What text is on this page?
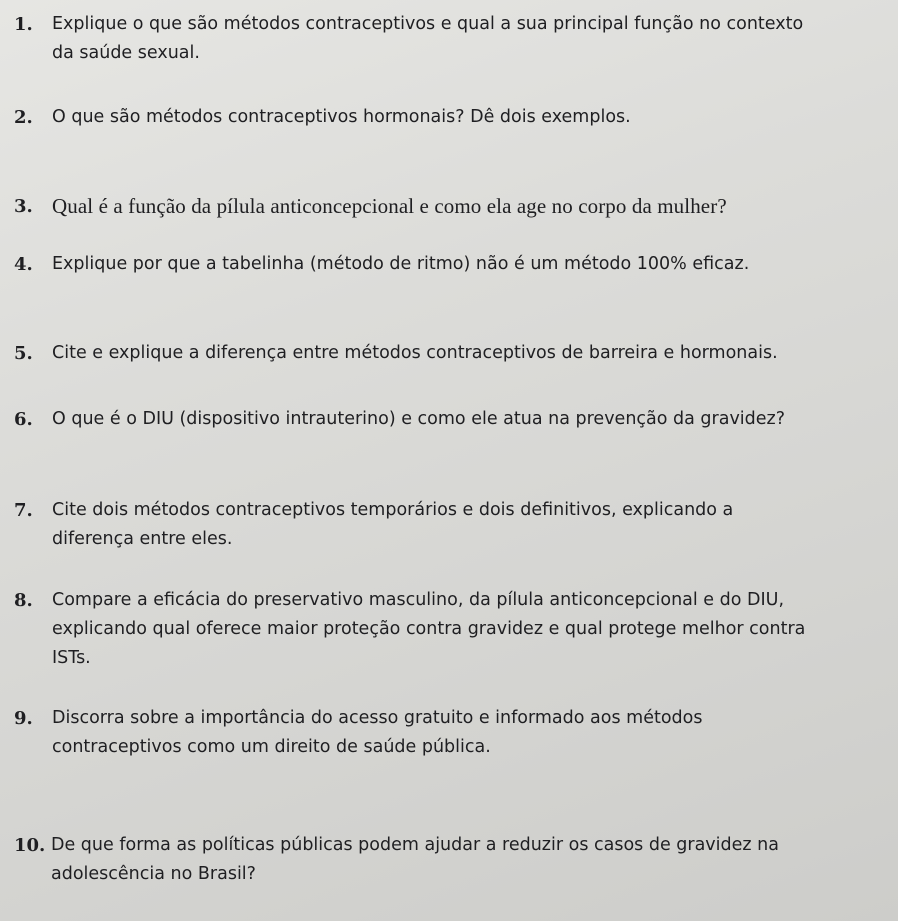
1.	Explique o que são métodos contraceptivos e qual a sua principal função no contexto
da saúde sexual.
2.	O que são métodos contraceptivos hormonais? Dê dois exemplos.
3. Qual é a função da pílula anticoncepcional e como ela age no corpo da mulher?
4.	Explique por que a tabelinha (método de ritmo) não é um método 100% eficaz.
5.	Cite e explique a diferença entre métodos contraceptivos de barreira e hormonais.
6.	O que é o DIU (dispositivo intrauterino) e como ele atua na prevenção da gravidez?
7.	Cite dois métodos contraceptivos temporários e dois definitivos, explicando a
diferença entre eles.
8.	Compare a eficácia do preservativo masculino, da pílula anticoncepcional e do DIU,
explicando qual oferece maior proteção contra gravidez e qual protege melhor contra
ISTs.
9.	Discorra sobre a importância do acesso gratuito e informado aos métodos
contraceptivos como um direito de saúde pública.
10. De que forma as políticas públicas podem ajudar a reduzir os casos de gravidez na
adolescência no Brasil?
